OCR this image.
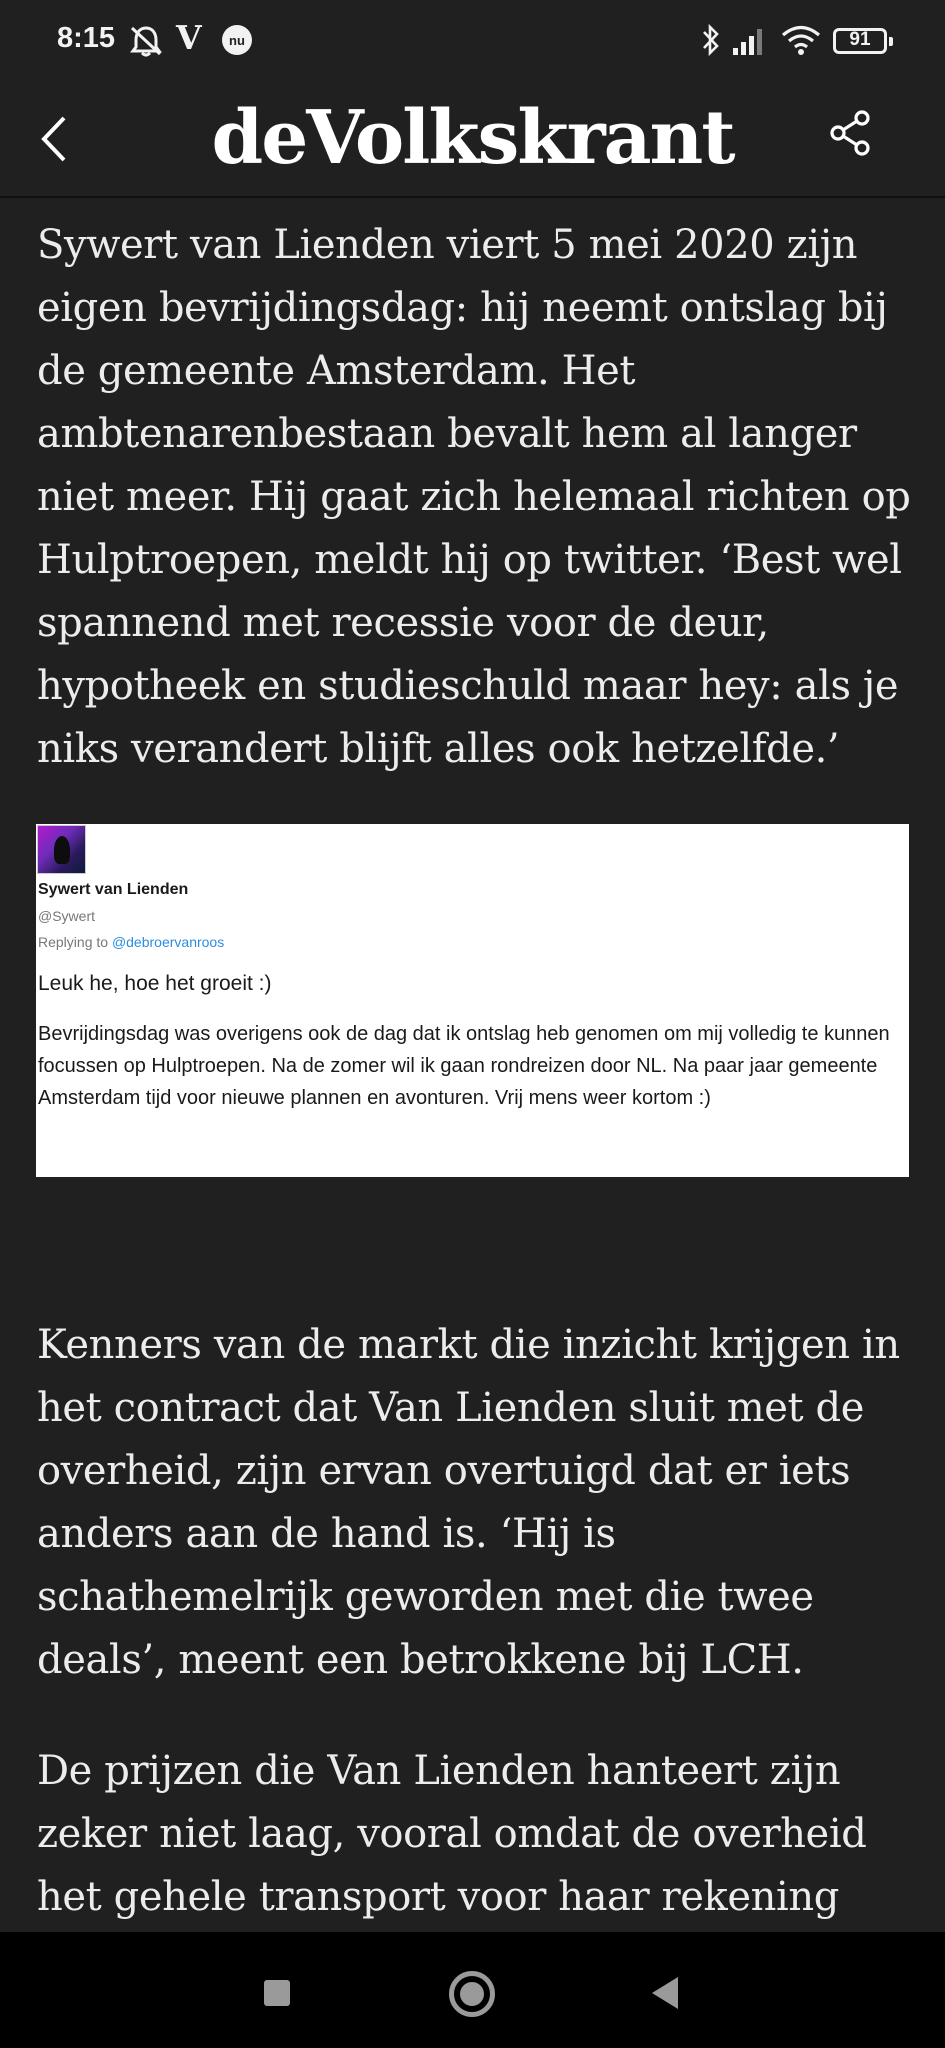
8:15 V nu	91
deVolkskrant

Sywert van Lienden viert 5 mei 2020 zijn eigen bevrijdingsdag: hij neemt ontslag bij de gemeente Amsterdam. Het ambtenarenbestaan bevalt hem al langer niet meer. Hij gaat zich helemaal richten op Hulptroepen, meldt hij op twitter. ‘Best wel spannend met recessie voor de deur, hypotheek en studieschuld maar hey: als je niks verandert blijft alles ook hetzelfde.’

Sywert van Lienden
@Sywert
Replying to @debroervanroos
Leuk he, hoe het groeit :)
Bevrijdingsdag was overigens ook de dag dat ik ontslag heb genomen om mij volledig te kunnen focussen op Hulptroepen. Na de zomer wil ik gaan rondreizen door NL. Na paar jaar gemeente Amsterdam tijd voor nieuwe plannen en avonturen. Vrij mens weer kortom :)

Kenners van de markt die inzicht krijgen in het contract dat Van Lienden sluit met de overheid, zijn ervan overtuigd dat er iets anders aan de hand is. ‘Hij is schathemelrijk geworden met die twee deals’, meent een betrokkene bij LCH.

De prijzen die Van Lienden hanteert zijn zeker niet laag, vooral omdat de overheid het gehele transport voor haar rekening
